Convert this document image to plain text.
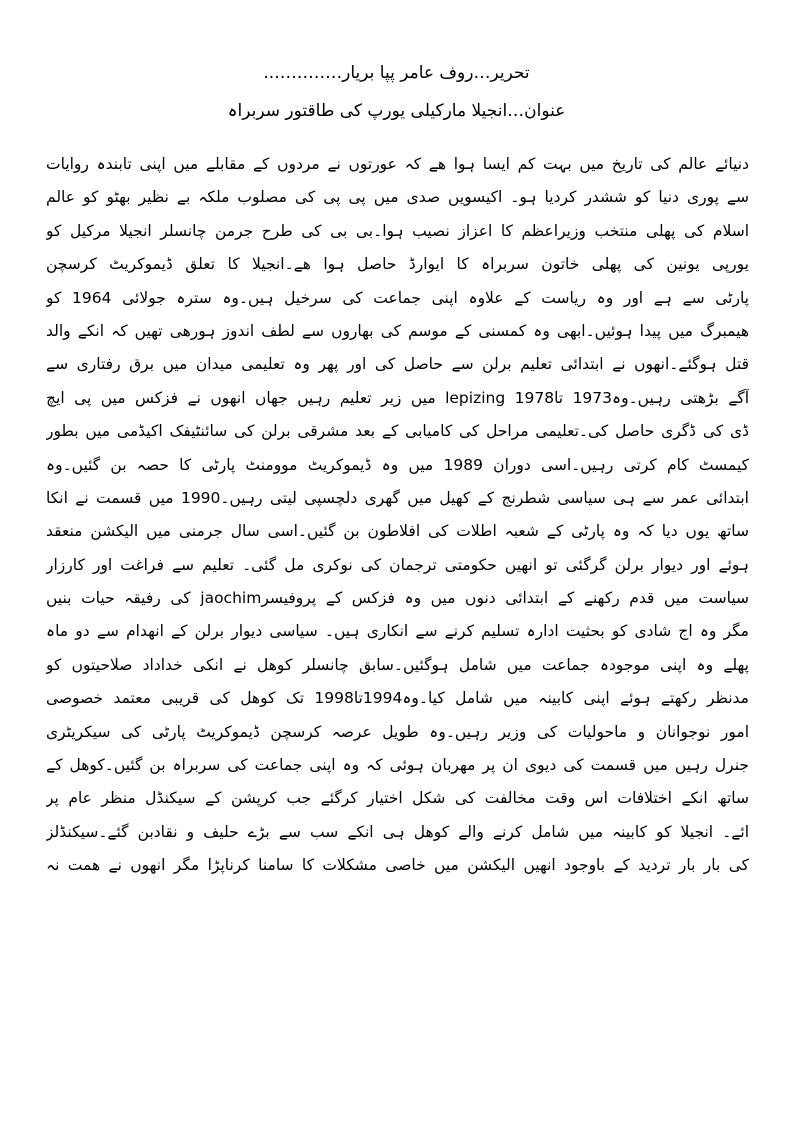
تحریر…روف عامر پپا بریار…………..
عنوان…انجیلا مارکیلی یورپ کی طاقتور سربراہ
دنیائے عالم کی تاریخ میں بہت کم ایسا ہوا ھے کہ عورتوں نے مردوں کے مقابلے میں اپنی تابندہ روایات
سے پوری دنیا کو ششدر کردیا ہو۔ اکیسویں صدی میں پی پی کی مصلوب ملکہ بے نظیر بھٹو کو عالم
اسلام کی پھلی منتخب وزیراعظم کا اعزاز نصیب ہوا۔بی بی کی طرح جرمن چانسلر انجیلا مرکیل کو
یورپی یونین کی پھلی خاتون سربراہ کا ایوارڈ حاصل ہوا ھے۔انجیلا کا تعلق ڈیموکریٹ کرسچن
پارٹی سے ہے اور وہ ریاست کے علاوہ اپنی جماعت کی سرخیل ہیں۔وہ سترہ جولائی 1964 کو
ھیمبرگ میں پیدا ہوئیں۔ابھی وہ کمسنی کے موسم کی بھاروں سے لطف اندوز ہورھی تھیں کہ انکے والد
قتل ہوگئے۔انھوں نے ابتدائی تعلیم برلن سے حاصل کی اور پھر وہ تعلیمی میدان میں برق رفتاری سے
آگے بڑھتی رہیں۔وہ1973 تا1978 lepizing میں زیر تعلیم رہیں جھاں انھوں نے فزکس میں پی ایچ
ڈی کی ڈگری حاصل کی۔تعلیمی مراحل کی کامیابی کے بعد مشرقی برلن کی سائنٹیفک اکیڈمی میں بطور
کیمسٹ کام کرتی رہیں۔اسی دوران 1989 میں وہ ڈیموکریٹ موومنٹ پارٹی کا حصہ بن گئیں۔وہ
ابتدائی عمر سے ہی سیاسی شطرنج کے کھیل میں گھری دلچسپی لیتی رہیں۔1990 میں قسمت نے انکا
ساتھ یوں دیا کہ وہ پارٹی کے شعبہ اطلات کی افلاطون بن گئیں۔اسی سال جرمنی میں الیکشن منعقد
ہوئے اور دیوار برلن گرگئی تو انھیں حکومتی ترجمان کی نوکری مل گئی۔ تعلیم سے فراغت اور کارزار
سیاست میں قدم رکھنے کے ابتدائی دنوں میں وہ فزکس کے پروفیسرjaochim کی رفیقہ حیات بنیں
مگر وہ اج شادی کو بحثیت ادارہ تسلیم کرنے سے انکاری ہیں۔ سیاسی دیوار برلن کے انھدام سے دو ماہ
پھلے وہ اپنی موجودہ جماعت میں شامل ہوگئیں۔سابق چانسلر کوھل نے انکی خداداد صلاحیتوں کو
مدنظر رکھتے ہوئے اپنی کابینہ میں شامل کیا۔وہ1994تا1998 تک کوھل کی قریبی معتمد خصوصی
امور نوجوانان و ماحولیات کی وزیر رہیں۔وہ طویل عرصہ کرسچن ڈیموکریٹ پارٹی کی سیکریٹری
جنرل رہیں میں قسمت کی دیوی ان پر مھربان ہوئی کہ وہ اپنی جماعت کی سربراہ بن گئیں۔کوھل کے
ساتھ انکے اختلافات اس وقت مخالفت کی شکل اختیار کرگئے جب کرپشن کے سیکنڈل منظر عام پر
ائے۔ انجیلا کو کابینہ میں شامل کرنے والے کوھل ہی انکے سب سے بڑے حلیف و نقادبن گئے۔سیکنڈلز
کی بار بار تردید کے باوجود انھیں الیکشن میں خاصی مشکلات کا سامنا کرناپڑا مگر انھوں نے ھمت نہ
